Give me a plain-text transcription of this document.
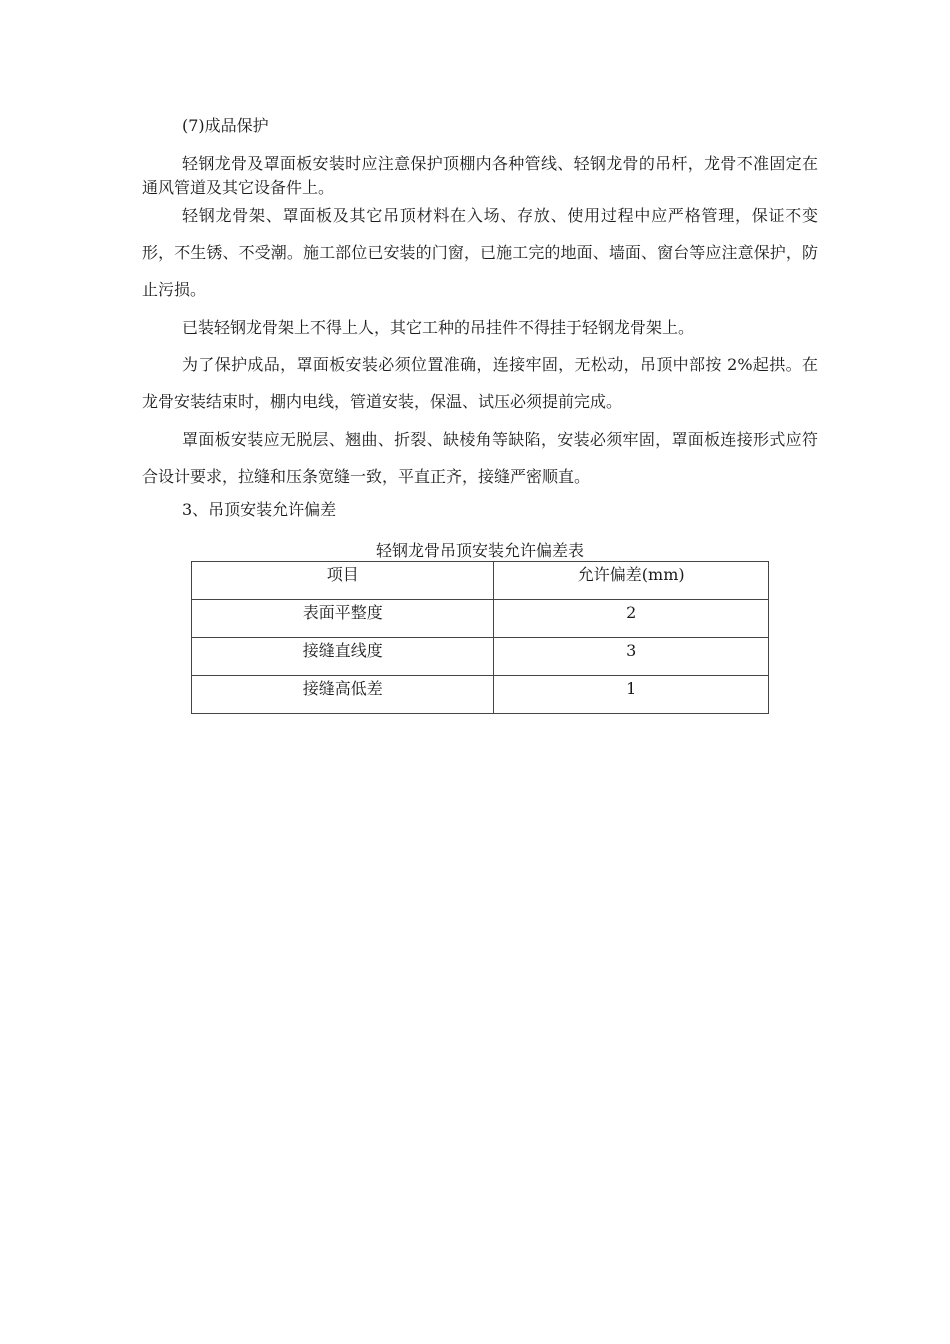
(7)成品保护

轻钢龙骨及罩面板安装时应注意保护顶棚内各种管线、轻钢龙骨的吊杆，龙骨不准固定在通风管道及其它设备件上。

轻钢龙骨架、罩面板及其它吊顶材料在入场、存放、使用过程中应严格管理，保证不变形，不生锈、不受潮。施工部位已安装的门窗，已施工完的地面、墙面、窗台等应注意保护，防止污损。

已装轻钢龙骨架上不得上人，其它工种的吊挂件不得挂于轻钢龙骨架上。

为了保护成品，罩面板安装必须位置准确，连接牢固，无松动，吊顶中部按 2%起拱。在龙骨安装结束时，棚内电线，管道安装，保温、试压必须提前完成。

罩面板安装应无脱层、翘曲、折裂、缺棱角等缺陷，安装必须牢固，罩面板连接形式应符合设计要求，拉缝和压条宽缝一致，平直正齐，接缝严密顺直。

3、吊顶安装允许偏差
轻钢龙骨吊顶安装允许偏差表
项目	允许偏差(mm)
表面平整度	2
接缝直线度	3
接缝高低差	1
